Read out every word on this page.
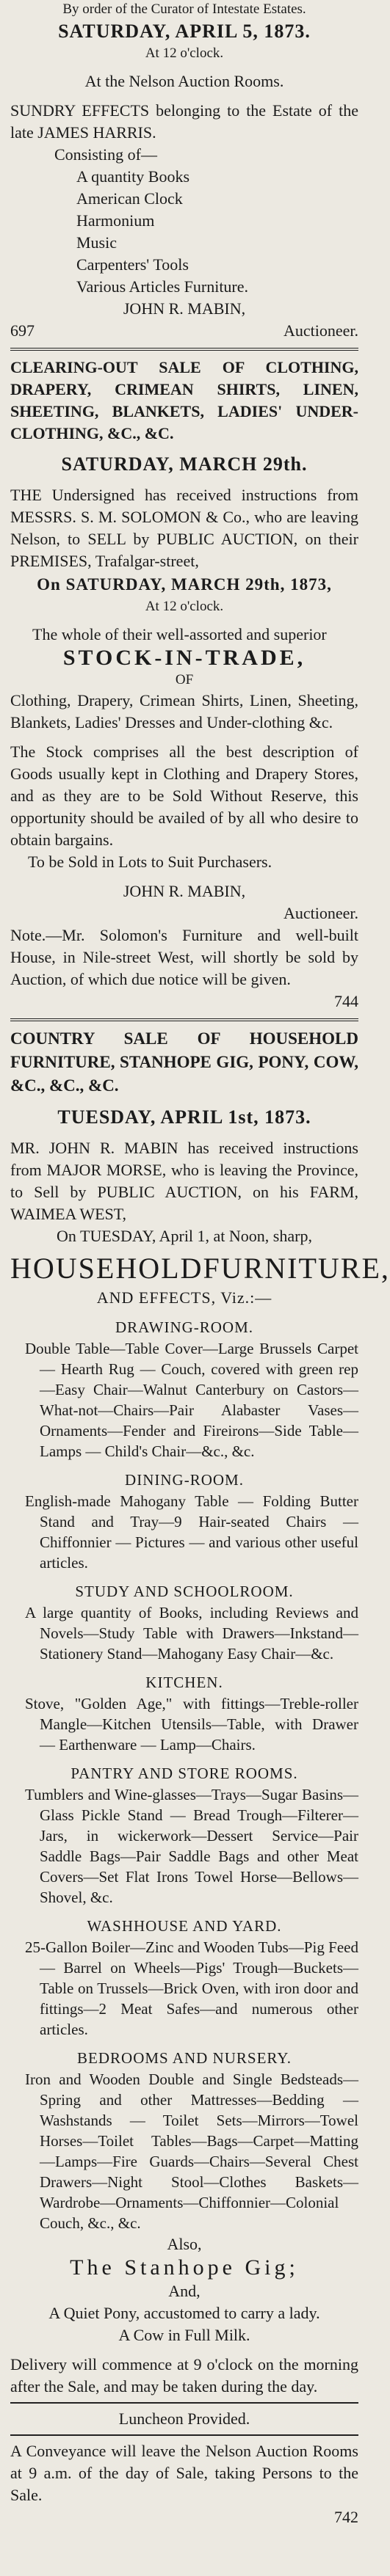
By order of the Curator of Intestate Estates.
SATURDAY, APRIL 5, 1873.
At 12 o'clock.
At the Nelson Auction Rooms.
SUNDRY EFFECTS belonging to the Estate of the late JAMES HARRIS.
Consisting of—
A quantity Books
American Clock
Harmonium
Music
Carpenters' Tools
Various Articles Furniture.
JOHN R. MABIN,
697	Auctioneer.
CLEARING-OUT SALE OF CLOTHING, DRAPERY, CRIMEAN SHIRTS, LINEN, SHEETING, BLANKETS, LADIES' UNDER-CLOTHING, &C., &C.
SATURDAY, MARCH 29th.
THE Undersigned has received instructions from MESSRS. S. M. SOLOMON & Co., who are leaving Nelson, to SELL by PUBLIC AUCTION, on their PREMISES, Trafalgar-street,
On SATURDAY, MARCH 29th, 1873,
At 12 o'clock.
The whole of their well-assorted and superior
STOCK-IN-TRADE,
OF
Clothing, Drapery, Crimean Shirts, Linen, Sheeting, Blankets, Ladies' Dresses and Under-clothing &c.
The Stock comprises all the best description of Goods usually kept in Clothing and Drapery Stores, and as they are to be Sold Without Reserve, this opportunity should be availed of by all who desire to obtain bargains.
To be Sold in Lots to Suit Purchasers.
JOHN R. MABIN,
Auctioneer.
Note.—Mr. Solomon's Furniture and well-built House, in Nile-street West, will shortly be sold by Auction, of which due notice will be given.
744
COUNTRY SALE OF HOUSEHOLD FURNITURE, STANHOPE GIG, PONY, COW, &C., &C., &C.
TUESDAY, APRIL 1st, 1873.
MR. JOHN R. MABIN has received instructions from MAJOR MORSE, who is leaving the Province, to Sell by PUBLIC AUCTION, on his FARM, WAIMEA WEST,
On TUESDAY, April 1, at Noon, sharp,
HOUSEHOLD FURNITURE,
AND EFFECTS, Viz.:—
DRAWING-ROOM.
Double Table—Table Cover—Large Brussels Carpet — Hearth Rug — Couch, covered with green rep—Easy Chair—Walnut Canterbury on Castors—What-not—Chairs—Pair Alabaster Vases—Ornaments—Fender and Fireirons—Side Table—Lamps — Child's Chair—&c., &c.
DINING-ROOM.
English-made Mahogany Table — Folding Butter Stand and Tray—9 Hair-seated Chairs — Chiffonnier — Pictures — and various other useful articles.
STUDY AND SCHOOLROOM.
A large quantity of Books, including Reviews and Novels—Study Table with Drawers—Inkstand—Stationery Stand—Mahogany Easy Chair—&c.
KITCHEN.
Stove, "Golden Age," with fittings—Treble-roller Mangle—Kitchen Utensils—Table, with Drawer — Earthenware — Lamp—Chairs.
PANTRY AND STORE ROOMS.
Tumblers and Wine-glasses—Trays—Sugar Basins—Glass Pickle Stand — Bread Trough—Filterer—Jars, in wickerwork—Dessert Service—Pair Saddle Bags—Pair Saddle Bags and other Meat Covers—Set Flat Irons Towel Horse—Bellows—Shovel, &c.
WASHHOUSE AND YARD.
25-Gallon Boiler—Zinc and Wooden Tubs—Pig Feed — Barrel on Wheels—Pigs' Trough—Buckets—Table on Trussels—Brick Oven, with iron door and fittings—2 Meat Safes—and numerous other articles.
BEDROOMS AND NURSERY.
Iron and Wooden Double and Single Bedsteads—Spring and other Mattresses—Bedding — Washstands — Toilet Sets—Mirrors—Towel Horses—Toilet Tables—Bags—Carpet—Matting—Lamps—Fire Guards—Chairs—Several Chest Drawers—Night Stool—Clothes Baskets—Wardrobe—Ornaments—Chiffonnier—Colonial Couch, &c., &c.
Also,
The Stanhope Gig;
And,
A Quiet Pony, accustomed to carry a lady.
A Cow in Full Milk.
Delivery will commence at 9 o'clock on the morning after the Sale, and may be taken during the day.
Luncheon Provided.
A Conveyance will leave the Nelson Auction Rooms at 9 a.m. of the day of Sale, taking Persons to the Sale.
742
